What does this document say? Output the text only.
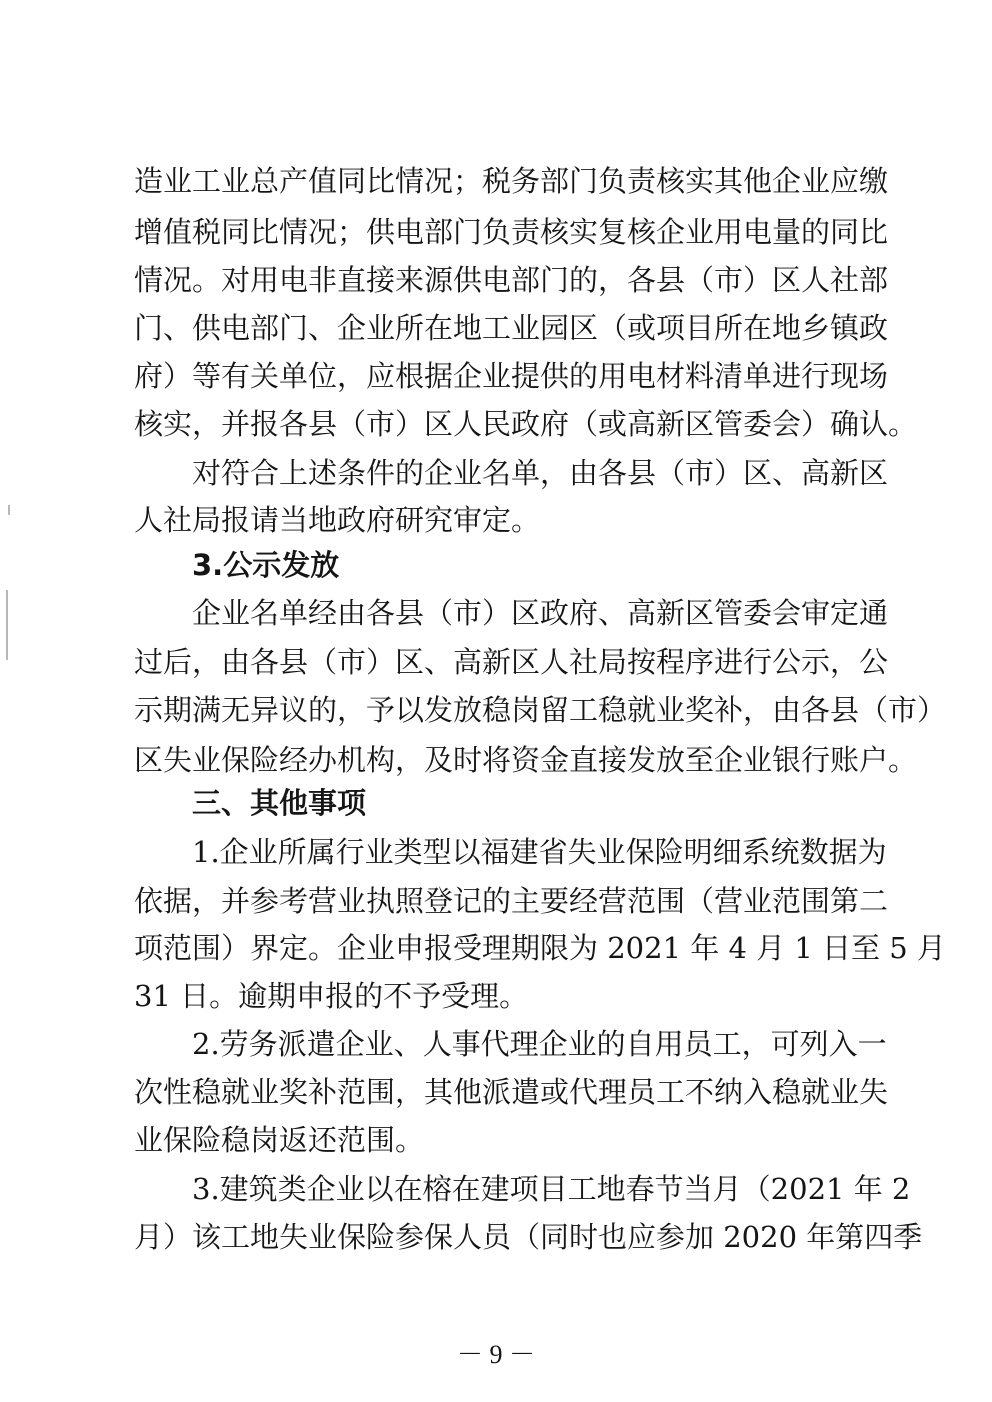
造业工业总产值同比情况；税务部门负责核实其他企业应缴
增值税同比情况；供电部门负责核实复核企业用电量的同比
情况。对用电非直接来源供电部门的，各县（市）区人社部
门、供电部门、企业所在地工业园区（或项目所在地乡镇政
府）等有关单位，应根据企业提供的用电材料清单进行现场
核实，并报各县（市）区人民政府（或高新区管委会）确认。
对符合上述条件的企业名单，由各县（市）区、高新区
人社局报请当地政府研究审定。
3.公示发放
企业名单经由各县（市）区政府、高新区管委会审定通
过后，由各县（市）区、高新区人社局按程序进行公示，公
示期满无异议的，予以发放稳岗留工稳就业奖补，由各县（市）
区失业保险经办机构，及时将资金直接发放至企业银行账户。
三、其他事项
1.企业所属行业类型以福建省失业保险明细系统数据为
依据，并参考营业执照登记的主要经营范围（营业范围第二
项范围）界定。企业申报受理期限为 2021 年 4 月 1 日至 5 月
31 日。逾期申报的不予受理。
2.劳务派遣企业、人事代理企业的自用员工，可列入一
次性稳就业奖补范围，其他派遣或代理员工不纳入稳就业失
业保险稳岗返还范围。
3.建筑类企业以在榕在建项目工地春节当月（2021 年 2
月）该工地失业保险参保人员（同时也应参加 2020 年第四季
－ 9 －
